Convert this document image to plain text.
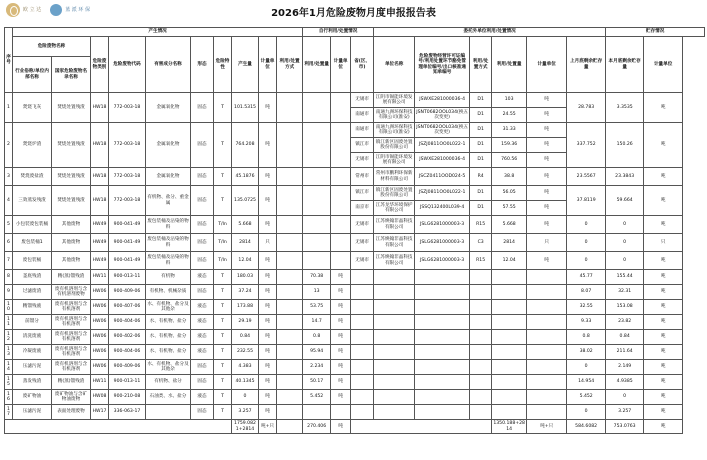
欧 立 达	蓝 派 环 保	2026年1月危险废物月度申报报告表
序号	产生情况										自行利用/处置情况			委托外单位利用/处置情况						贮存情况	
	危险废物名称		危险废物类别	危险废物代码	有害成分名称	形态	危险特性	产生量	计量单位	利用/处置方式	利用/处置量	计量单位	省(区、市)	单位名称	危险废物经营许可证编号/利用处置环节豁免管理单位编号/出口核准通知单编号	利用/处置方式	利用/处置量	计量单位	上月底剩余贮存量	本月底剩余贮存量	计量单位
	行业俗称/单位内部名称	国家危险废物名录名称																			
1	焚烧飞灰	焚烧处置残渣	HW18	772-003-18	金属氧化物	固态	T	101.5315	吨				无锡市	江阴市锡能环境发展有限公司	JSWXE281000036-4	D1	103	吨	28.783	3.3535	吨
													南通市	南通九洲环保科技有限公司(淮安)	JSNT0682OOL034(换五次变更)	D1	24.55	吨			
2	焚烧炉渣	焚烧处置残渣	HW18	772-003-18	金属氧化物	固态	T	764.208	吨				南通市	南通九洲环保科技有限公司(淮安)	JSNT0682OOL034(换五次变更)	D1	31.33	吨	337.752	150.26	吨
													镇江市	镇江新区固废处置股份有限公司	JSZJ0811OO0L022-1	D1	159.36	吨			
													无锡市	江阴市锡能环境发展有限公司	JSWXE281000036-4	D1	760.56	吨			
3	焚烧废盐渣	焚烧处置残渣	HW18	772-003-18	金属氧化物	固态	T	45.1876	吨				常州市	常州市鹏利环保新材料有限公司	JSCZ0411OOD024-5	R4	38.8	吨	23.5567	23.3843	吨
4	三效蒸发残渣	焚烧处置残渣	HW18	772-003-18	有机物、盐分、重金属	固态	T	135.0725	吨				镇江市	镇江新区固废处置股份有限公司	JSZJ0811OO0L022-1	D1	56.05	吨	37.8119	59.664	吨
													南京市	江苏龙华环境保护有限公司	JSSQ132400L039-4	D1	57.55	吨			
5	小包装废包装桶	其他废物	HW49	900-041-49	废包装桶及沾染的物料	固态	T/In	5.668	吨				无锡市	江苏焕翰非晶科技有限公司	JSLG6281000003-3	R15	5.668	吨	0	0	吨
6	废包装桶1	其他废物	HW49	900-041-49	废包装桶及沾染的物料	固态	T/In	2814	只				无锡市	江苏焕翰非晶科技有限公司	JSLG6281000003-3	C3	2814	只	0	0	只
7	废包装桶	其他废物	HW49	900-041-49	废包装桶及沾染的物料	固态	T/In	12.04	吨				无锡市	江苏焕翰非晶科技有限公司	JSLG6281000003-3	R15	12.04	吨	0	0	吨
8	釜底残渣	精(蒸)馏残渣	HW11	900-013-11	有机物	液态	T	180.03	吨		70.38	吨							45.77	155.44	吨
9	过滤废渣	废有机溶剂与含有机溶剂废物	HW06	900-409-06	有机物、机械杂质	固态	T	37.24	吨		13	吨							8.07	32.31	吨
10	精馏残液	废有机溶剂与含有机溶剂	HW06	900-407-06	水、有机物、盐分及其他杂	液态	T	173.88	吨		53.75	吨							32.55	153.08	吨
11	前馏分	废有机溶剂与含有机溶剂	HW06	900-404-06	水、有机物、盐分	液态	T	29.19	吨		14.7	吨							9.33	23.82	吨
12	清洗废液	废有机溶剂与含有机溶剂	HW06	900-402-06	水、有机物、盐分	液态	T	0.84	吨		0.8	吨							0.8	0.84	吨
13	冷凝废液	废有机溶剂与含有机溶剂	HW06	900-404-06	水、有机物、盐分	液态	T	232.55	吨		95.94	吨							38.02	211.64	吨
14	压滤污泥	废有机溶剂与含有机溶剂	HW06	900-409-06	水、有机物、盐分及其他杂	固态	T	4.383	吨		2.234	吨							0	2.149	吨
15	蒸发残渣	精(蒸)馏残渣	HW11	900-013-11	有机物、盐分	固态	T	40.1345	吨		50.17	吨							14.954	4.9385	吨
16	废矿物油	废矿物油与含矿物油废物	HW08	900-210-08	石油类、水、盐分	液态	T	0	吨		5.452	吨							5.452	0	吨
17	压滤污泥	表面处理废物	HW17	336-063-17		固态	T	3.257	吨										0	3.257	吨
								1759.0821+2814	吨+只		270.406	吨					1350.188+2814	吨+只	584.6082	753.0763	吨
